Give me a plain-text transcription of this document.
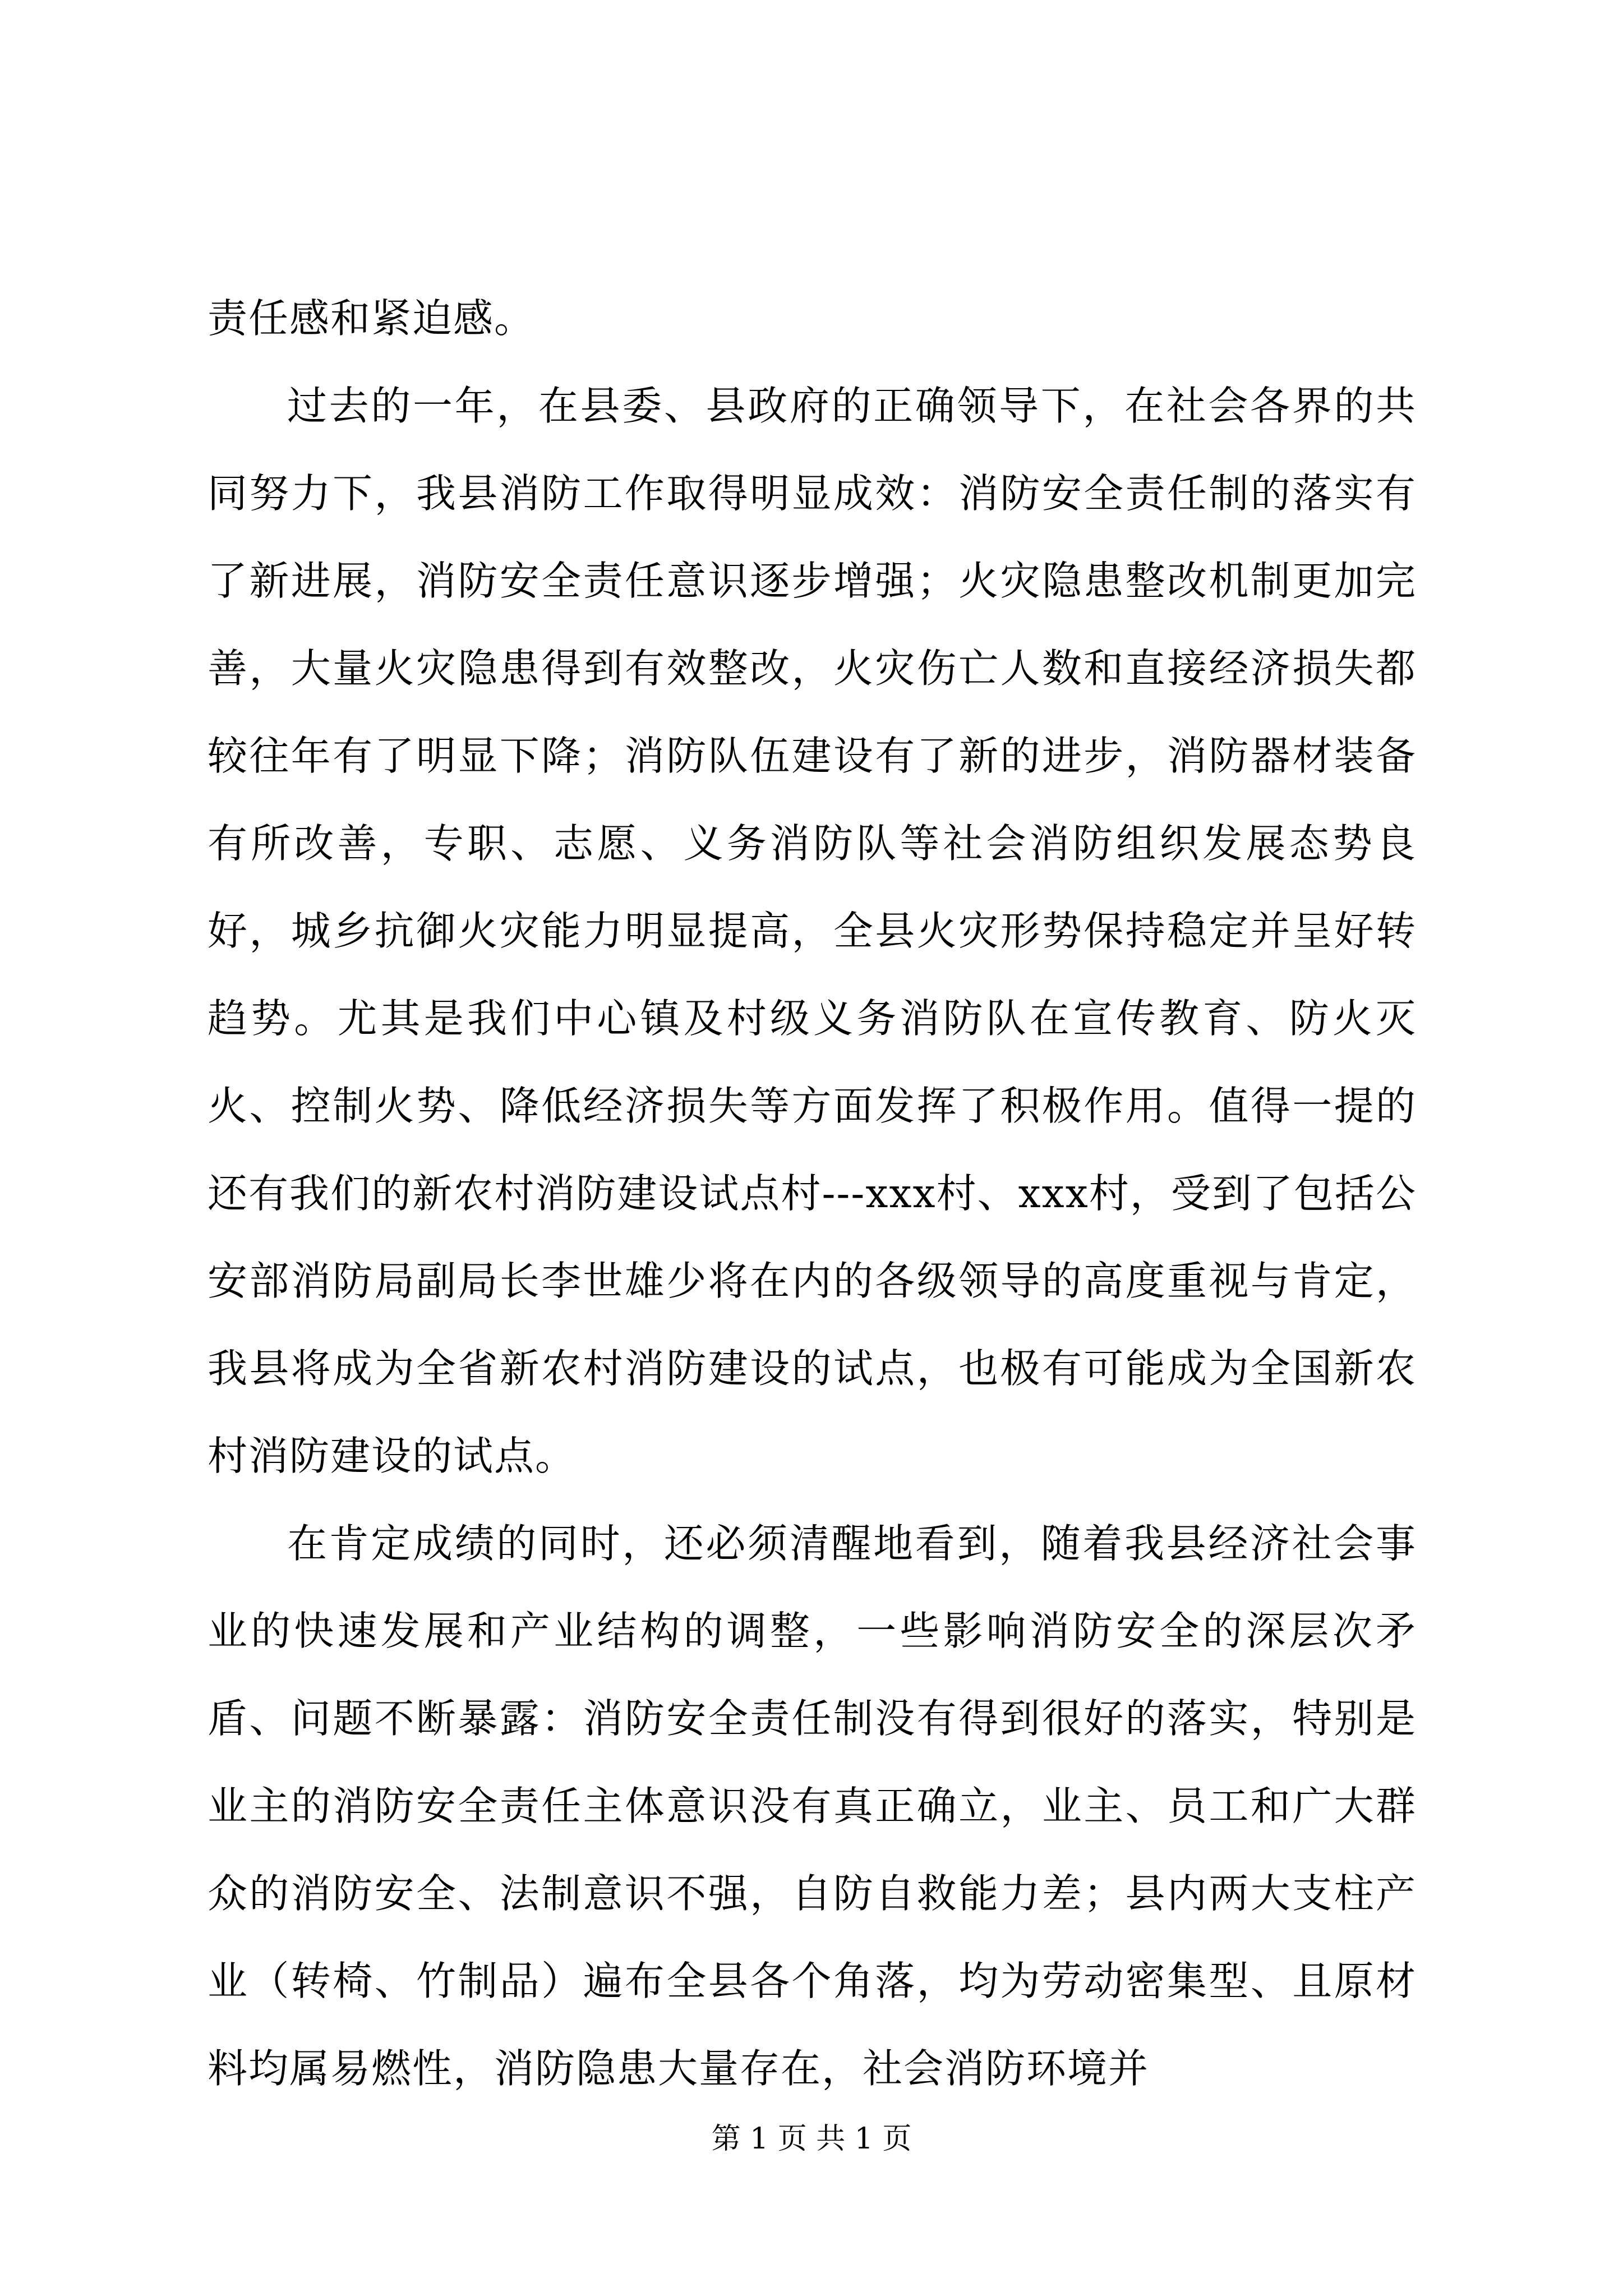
责任感和紧迫感。

过去的一年，在县委、县政府的正确领导下，在社会各界的共同努力下，我县消防工作取得明显成效：消防安全责任制的落实有了新进展，消防安全责任意识逐步增强；火灾隐患整改机制更加完善，大量火灾隐患得到有效整改，火灾伤亡人数和直接经济损失都较往年有了明显下降；消防队伍建设有了新的进步，消防器材装备有所改善，专职、志愿、义务消防队等社会消防组织发展态势良好，城乡抗御火灾能力明显提高，全县火灾形势保持稳定并呈好转趋势。尤其是我们中心镇及村级义务消防队在宣传教育、防火灭火、控制火势、降低经济损失等方面发挥了积极作用。值得一提的还有我们的新农村消防建设试点村---xxx村、xxx村，受到了包括公安部消防局副局长李世雄少将在内的各级领导的高度重视与肯定，我县将成为全省新农村消防建设的试点，也极有可能成为全国新农村消防建设的试点。

在肯定成绩的同时，还必须清醒地看到，随着我县经济社会事业的快速发展和产业结构的调整，一些影响消防安全的深层次矛盾、问题不断暴露：消防安全责任制没有得到很好的落实，特别是业主的消防安全责任主体意识没有真正确立，业主、员工和广大群众的消防安全、法制意识不强，自防自救能力差；县内两大支柱产业（转椅、竹制品）遍布全县各个角落，均为劳动密集型、且原材料均属易燃性，消防隐患大量存在，社会消防环境并

第 1 页 共 1 页
